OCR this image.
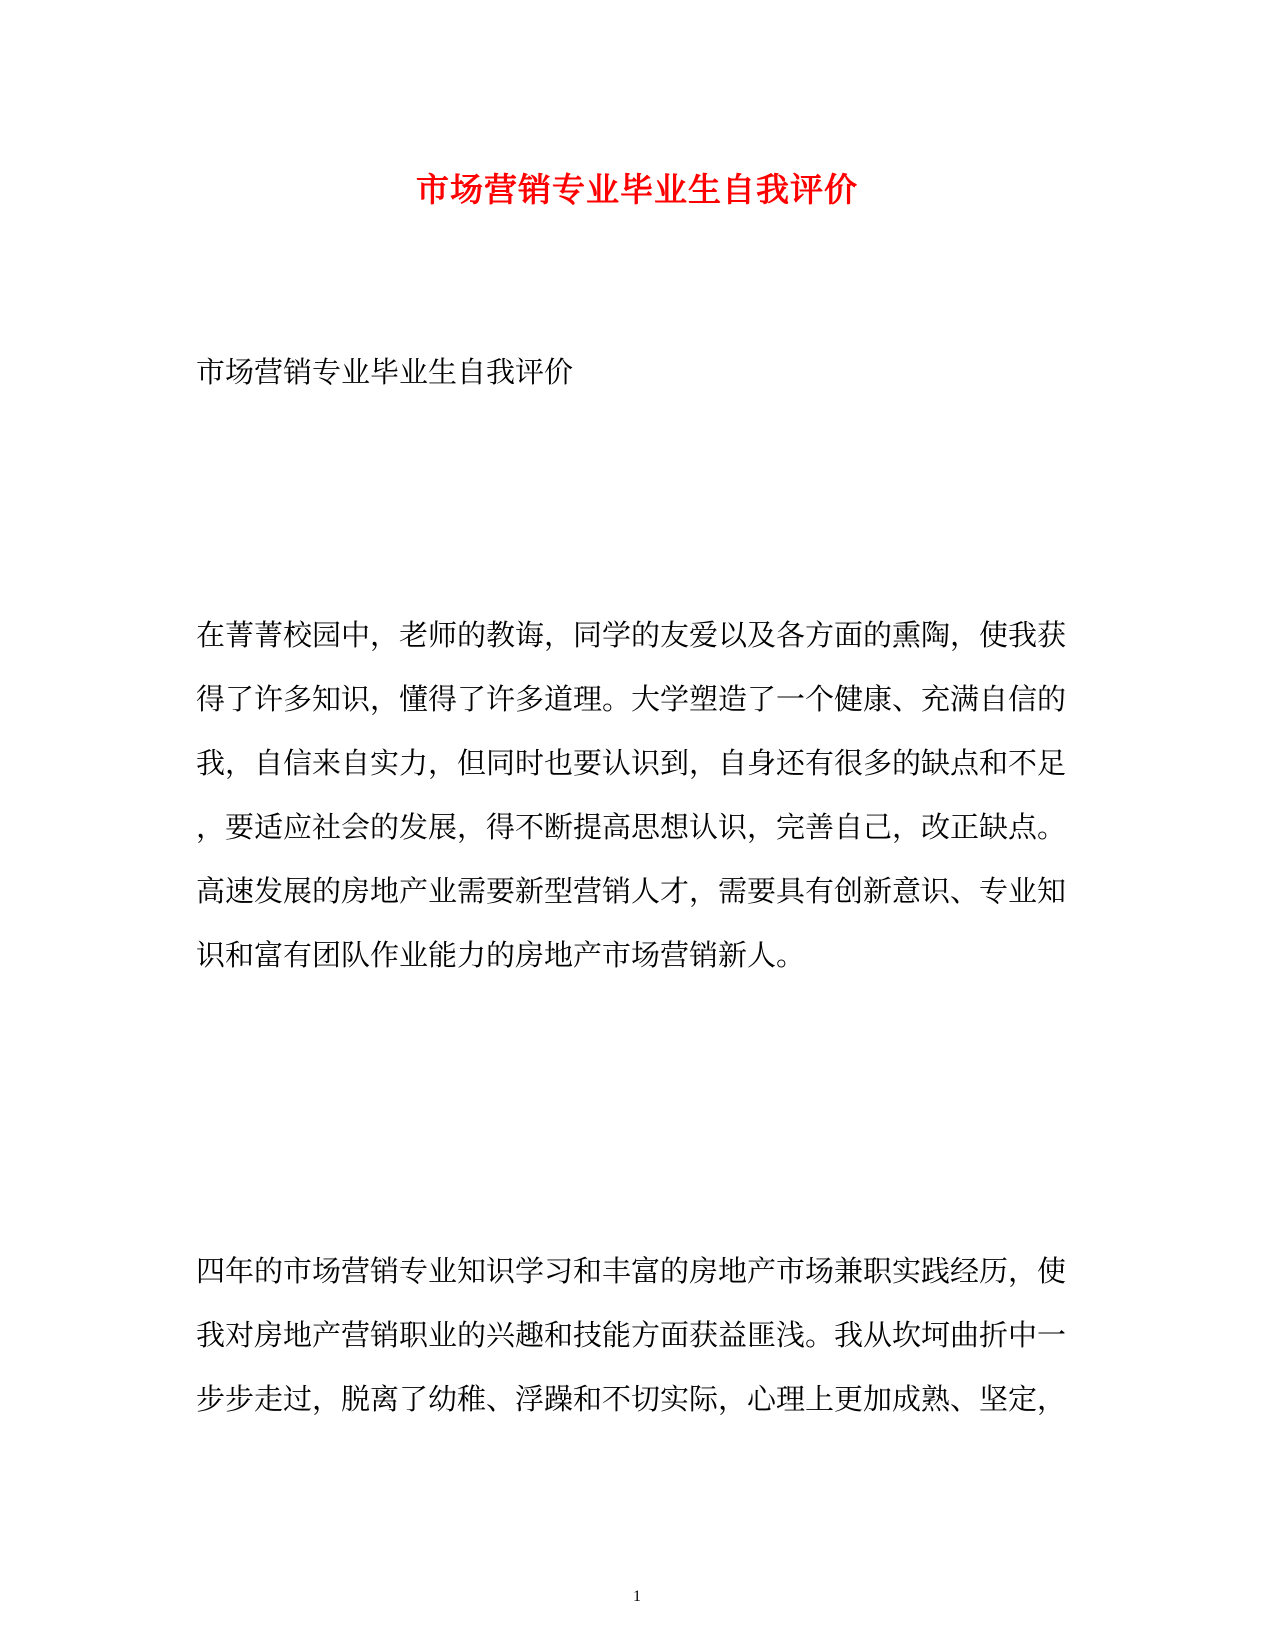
市场营销专业毕业生自我评价
市场营销专业毕业生自我评价
在菁菁校园中，老师的教诲，同学的友爱以及各方面的熏陶，使我获
得了许多知识，懂得了许多道理。大学塑造了一个健康、充满自信的
我，自信来自实力，但同时也要认识到，自身还有很多的缺点和不足
，要适应社会的发展，得不断提高思想认识，完善自己，改正缺点。
高速发展的房地产业需要新型营销人才，需要具有创新意识、专业知
识和富有团队作业能力的房地产市场营销新人。
四年的市场营销专业知识学习和丰富的房地产市场兼职实践经历，使
我对房地产营销职业的兴趣和技能方面获益匪浅。我从坎坷曲折中一
步步走过，脱离了幼稚、浮躁和不切实际，心理上更加成熟、坚定，
1
